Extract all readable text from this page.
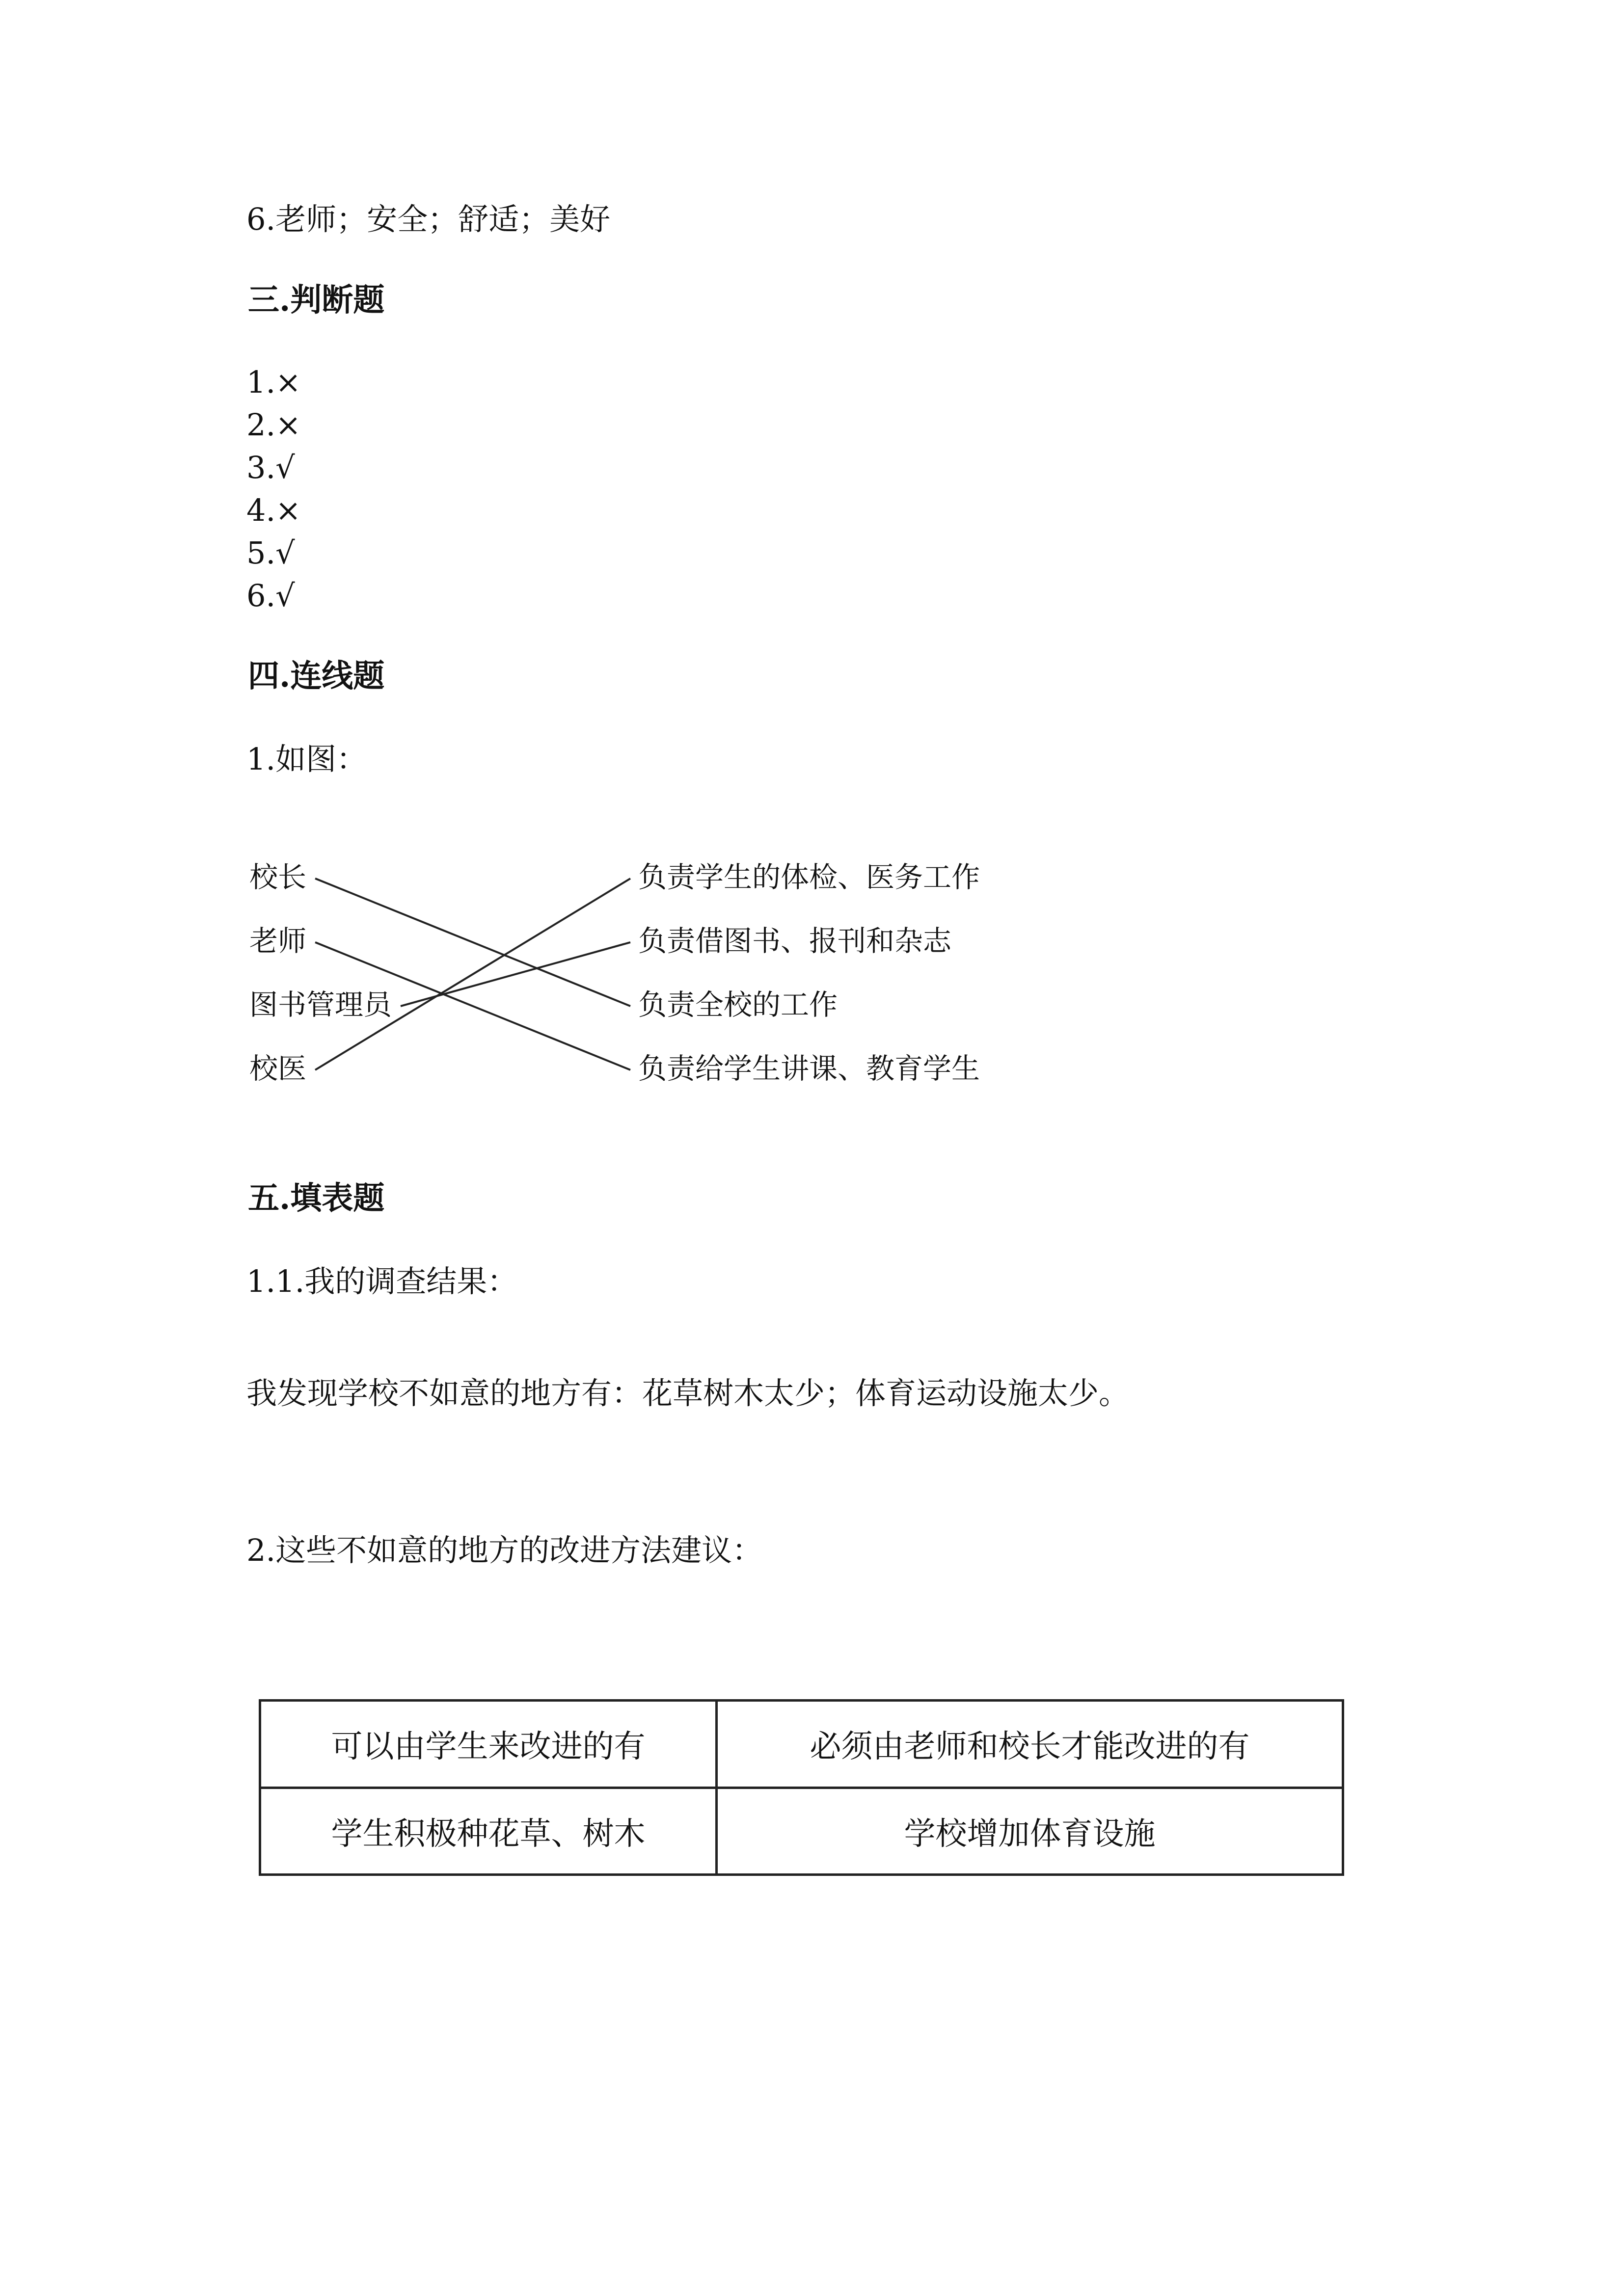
6.老师；安全；舒适；美好
三.判断题
1.×
2.×
3.√
4.×
5.√
6.√
四.连线题
1.如图：
校长
老师
图书管理员
校医
负责学生的体检、医务工作
负责借图书、报刊和杂志
负责全校的工作
负责给学生讲课、教育学生
五.填表题
1.1.我的调查结果：
我发现学校不如意的地方有：花草树木太少；体育运动设施太少。
2.这些不如意的地方的改进方法建议：
可以由学生来改进的有	必须由老师和校长才能改进的有
学生积极种花草、树木	学校增加体育设施
